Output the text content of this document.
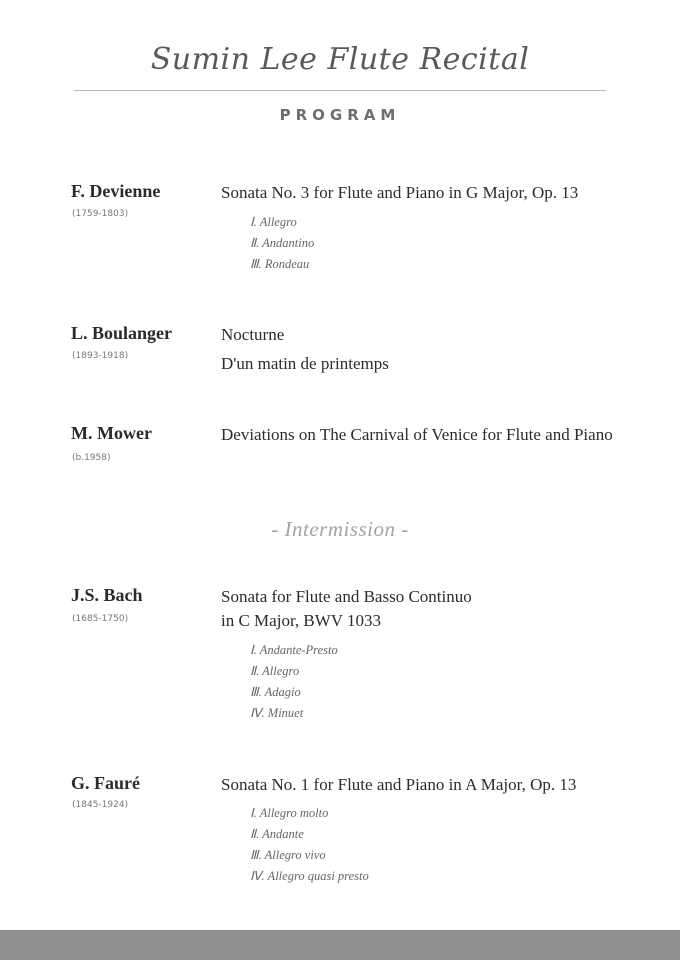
Sumin Lee Flute Recital
PROGRAM
F. Devienne
(1759-1803)
Sonata No. 3 for Flute and Piano in G Major, Op. 13
Ⅰ. Allegro
Ⅱ. Andantino
Ⅲ. Rondeau
L. Boulanger
(1893-1918)
Nocturne
D'un matin de printemps
M. Mower
(b.1958)
Deviations on The Carnival of Venice for Flute and Piano
- Intermission -
J.S. Bach
(1685-1750)
Sonata for Flute and Basso Continuo
in C Major, BWV 1033
Ⅰ. Andante-Presto
Ⅱ. Allegro
Ⅲ. Adagio
Ⅳ. Minuet
G. Fauré
(1845-1924)
Sonata No. 1 for Flute and Piano in A Major, Op. 13
Ⅰ. Allegro molto
Ⅱ. Andante
Ⅲ. Allegro vivo
Ⅳ. Allegro quasi presto
